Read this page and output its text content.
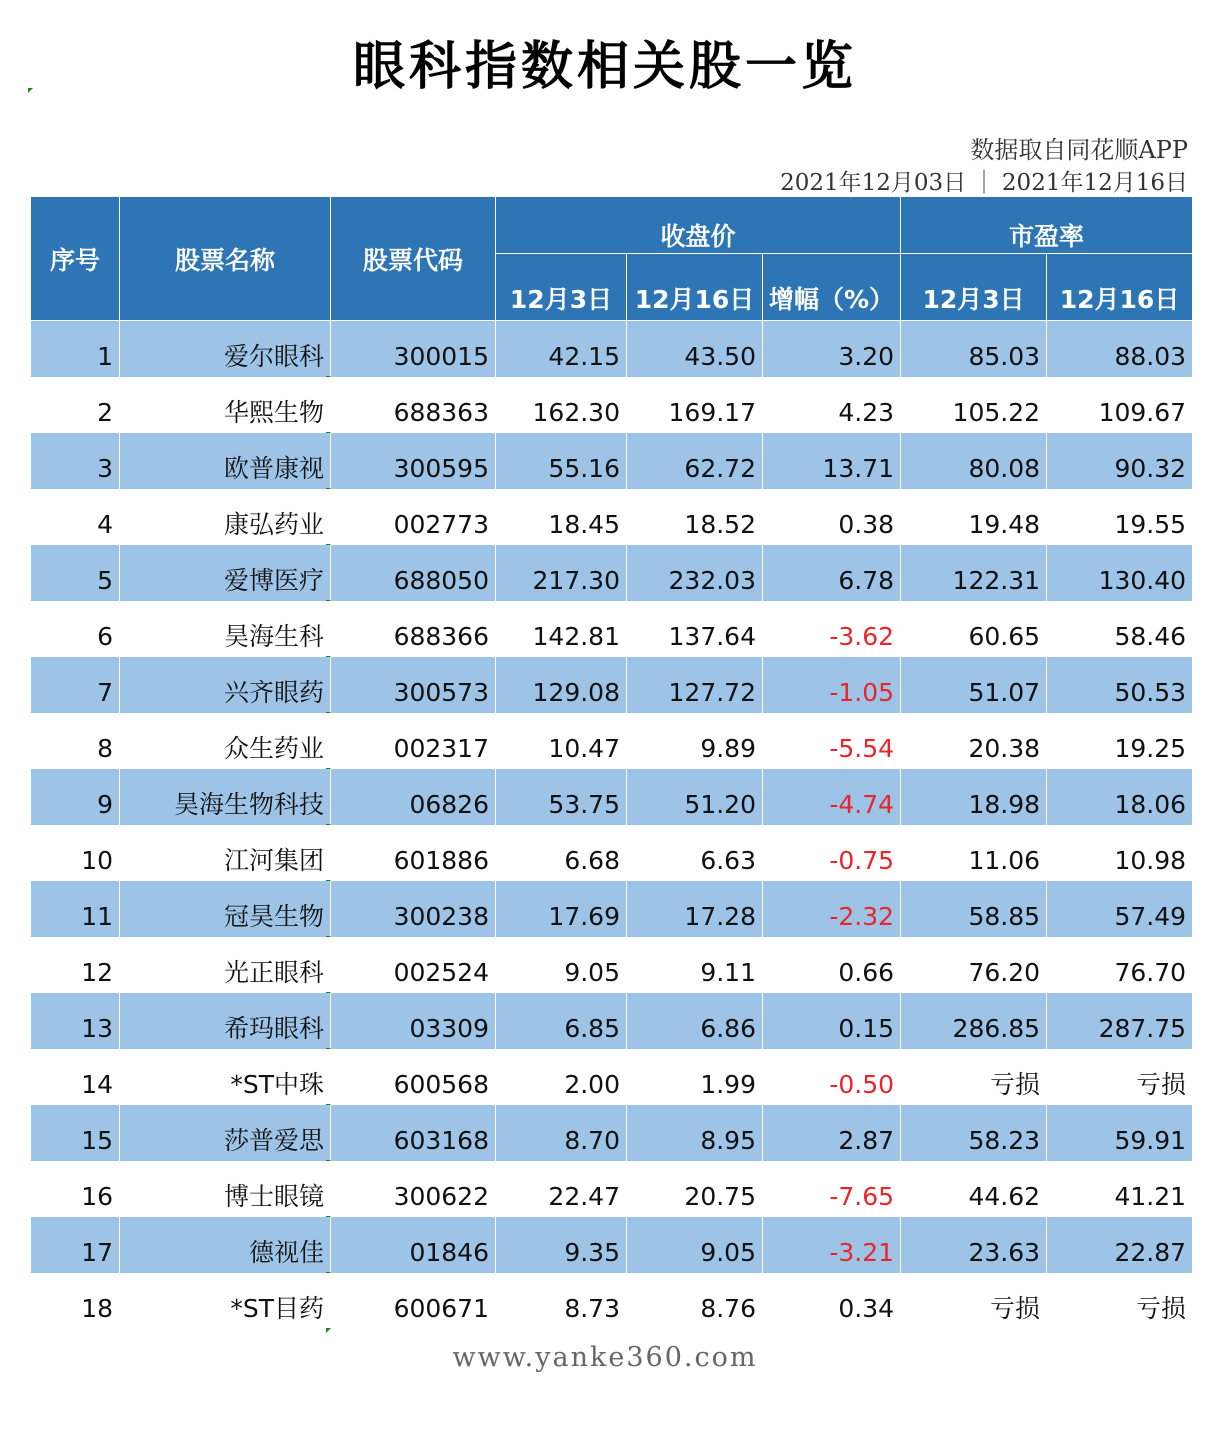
眼科指数相关股一览
数据取自同花顺APP
2021年12月03日 | 2021年12月16日
序号	股票名称	股票代码	收盘价			市盈率	
			12月3日	12月16日	增幅（%）	12月3日	12月16日
1	爱尔眼科	300015	42.15	43.50	3.20	85.03	88.03
2	华熙生物	688363	162.30	169.17	4.23	105.22	109.67
3	欧普康视	300595	55.16	62.72	13.71	80.08	90.32
4	康弘药业	002773	18.45	18.52	0.38	19.48	19.55
5	爱博医疗	688050	217.30	232.03	6.78	122.31	130.40
6	昊海生科	688366	142.81	137.64	-3.62	60.65	58.46
7	兴齐眼药	300573	129.08	127.72	-1.05	51.07	50.53
8	众生药业	002317	10.47	9.89	-5.54	20.38	19.25
9	昊海生物科技	06826	53.75	51.20	-4.74	18.98	18.06
10	江河集团	601886	6.68	6.63	-0.75	11.06	10.98
11	冠昊生物	300238	17.69	17.28	-2.32	58.85	57.49
12	光正眼科	002524	9.05	9.11	0.66	76.20	76.70
13	希玛眼科	03309	6.85	6.86	0.15	286.85	287.75
14	*ST中珠	600568	2.00	1.99	-0.50	亏损	亏损
15	莎普爱思	603168	8.70	8.95	2.87	58.23	59.91
16	博士眼镜	300622	22.47	20.75	-7.65	44.62	41.21
17	德视佳	01846	9.35	9.05	-3.21	23.63	22.87
18	*ST目药	600671	8.73	8.76	0.34	亏损	亏损
www.yanke360.com
